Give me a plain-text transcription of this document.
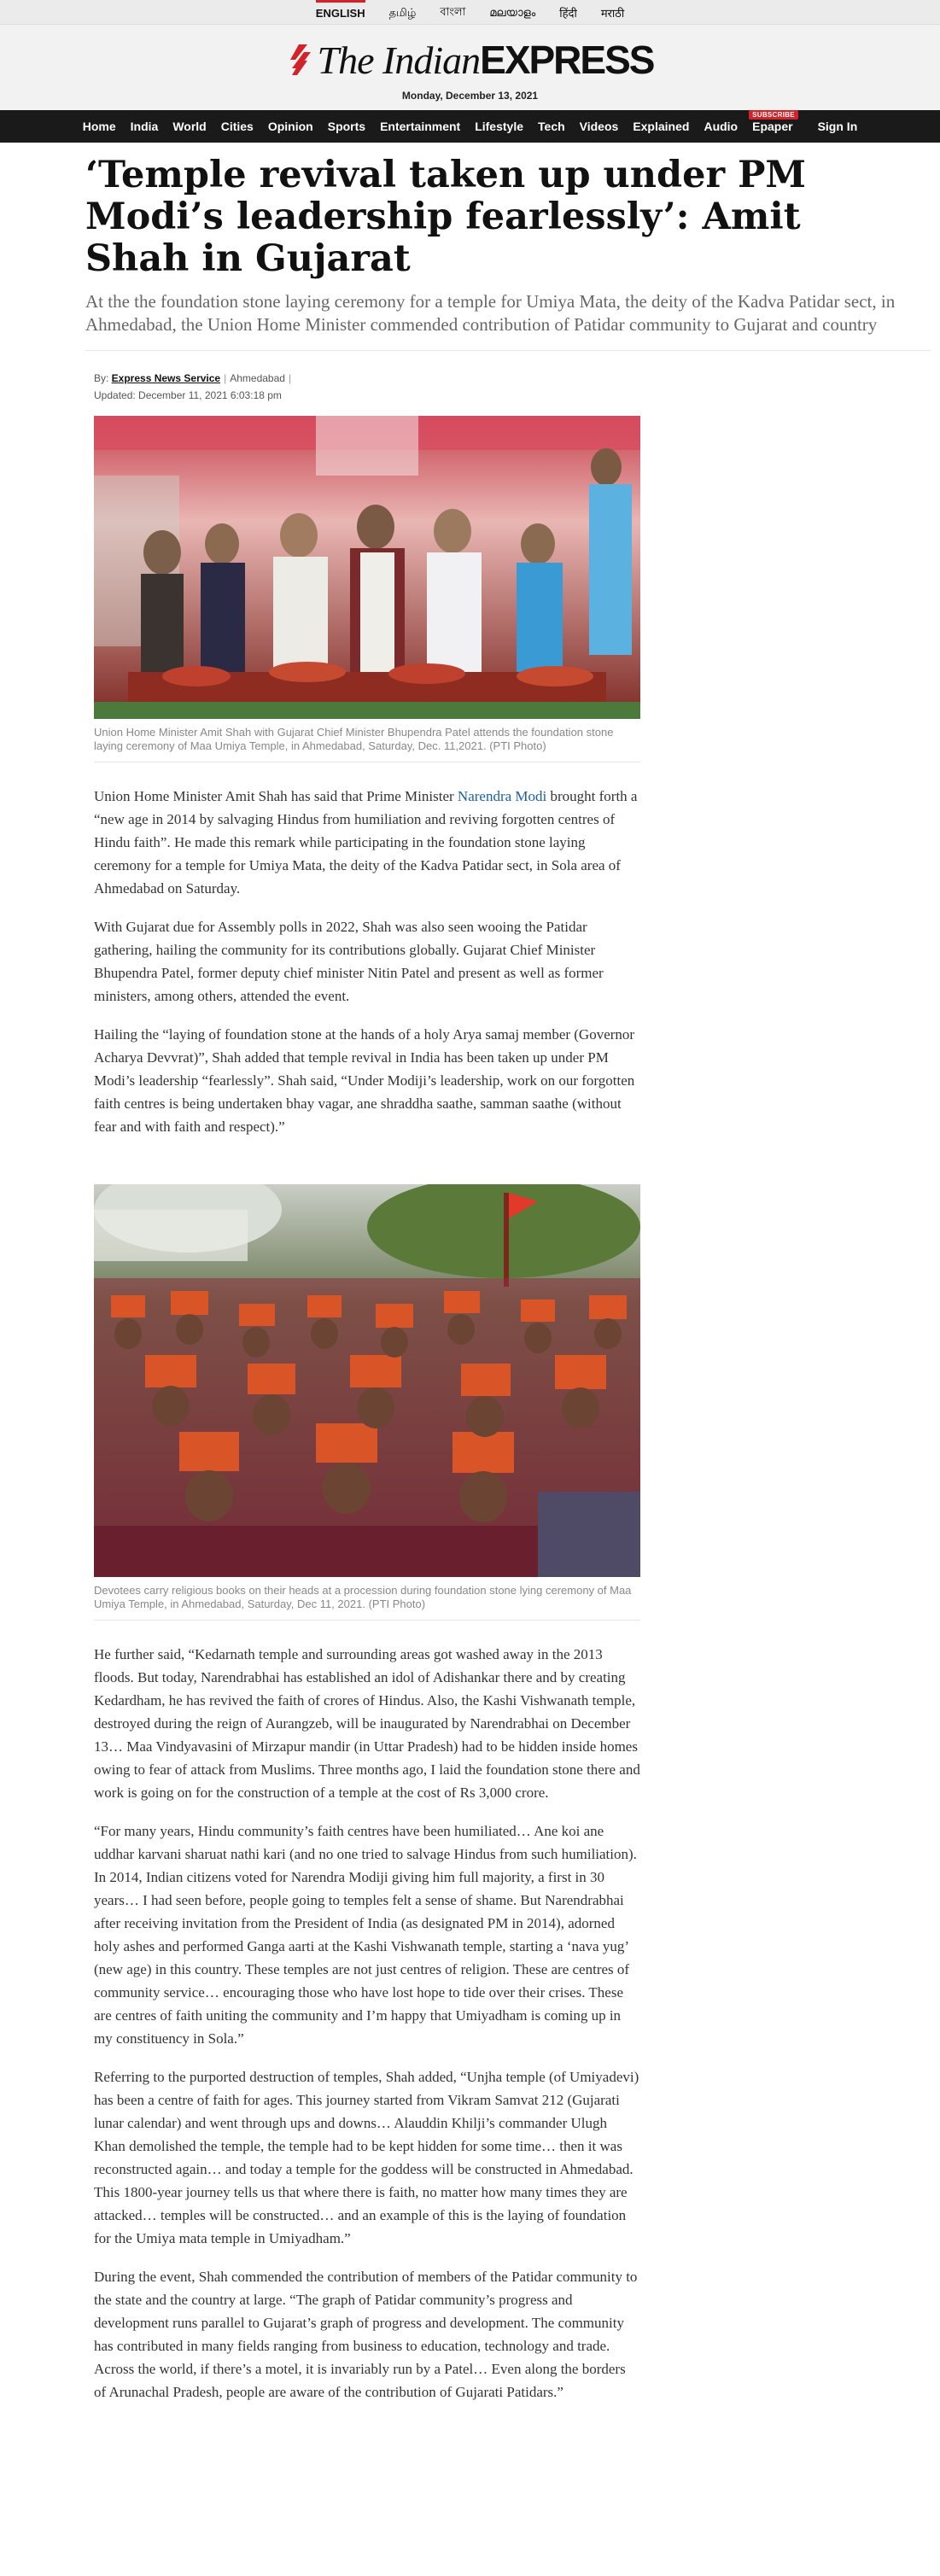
ENGLISH தமிழ் বাংলা മലയാളം हिंदी मराठी
The IndianEXPRESS
Monday, December 13, 2021
Home India World Cities Opinion Sports Entertainment Lifestyle Tech Videos Explained Audio
SUBSCRIBE
Epaper Sign In
‘Temple revival taken up under PM Modi’s leadership fearlessly’: Amit Shah in Gujarat
At the the foundation stone laying ceremony for a temple for Umiya Mata, the deity of the Kadva Patidar sect, in Ahmedabad, the Union Home Minister commended contribution of Patidar community to Gujarat and country
By: Express News Service | Ahmedabad |
Updated: December 11, 2021 6:03:18 pm
Union Home Minister Amit Shah with Gujarat Chief Minister Bhupendra Patel attends the foundation stone laying ceremony of Maa Umiya Temple, in Ahmedabad, Saturday, Dec. 11,2021. (PTI Photo)

Union Home Minister Amit Shah has said that Prime Minister Narendra Modi brought forth a “new age in 2014 by salvaging Hindus from humiliation and reviving forgotten centres of Hindu faith”. He made this remark while participating in the foundation stone laying ceremony for a temple for Umiya Mata, the deity of the Kadva Patidar sect, in Sola area of Ahmedabad on Saturday.

With Gujarat due for Assembly polls in 2022, Shah was also seen wooing the Patidar gathering, hailing the community for its contributions globally. Gujarat Chief Minister Bhupendra Patel, former deputy chief minister Nitin Patel and present as well as former ministers, among others, attended the event.

Hailing the “laying of foundation stone at the hands of a holy Arya samaj member (Governor Acharya Devvrat)”, Shah added that temple revival in India has been taken up under PM Modi’s leadership “fearlessly”. Shah said, “Under Modiji’s leadership, work on our forgotten faith centres is being undertaken bhay vagar, ane shraddha saathe, samman saathe (without fear and with faith and respect).”

Devotees carry religious books on their heads at a procession during foundation stone lying ceremony of Maa Umiya Temple, in Ahmedabad, Saturday, Dec 11, 2021. (PTI Photo)

He further said, “Kedarnath temple and surrounding areas got washed away in the 2013 floods. But today, Narendrabhai has established an idol of Adishankar there and by creating Kedardham, he has revived the faith of crores of Hindus. Also, the Kashi Vishwanath temple, destroyed during the reign of Aurangzeb, will be inaugurated by Narendrabhai on December 13… Maa Vindyavasini of Mirzapur mandir (in Uttar Pradesh) had to be hidden inside homes owing to fear of attack from Muslims. Three months ago, I laid the foundation stone there and work is going on for the construction of a temple at the cost of Rs 3,000 crore.

“For many years, Hindu community’s faith centres have been humiliated… Ane koi ane uddhar karvani sharuat nathi kari (and no one tried to salvage Hindus from such humiliation). In 2014, Indian citizens voted for Narendra Modiji giving him full majority, a first in 30 years… I had seen before, people going to temples felt a sense of shame. But Narendrabhai after receiving invitation from the President of India (as designated PM in 2014), adorned holy ashes and performed Ganga aarti at the Kashi Vishwanath temple, starting a ‘nava yug’ (new age) in this country. These temples are not just centres of religion. These are centres of community service… encouraging those who have lost hope to tide over their crises. These are centres of faith uniting the community and I’m happy that Umiyadham is coming up in my constituency in Sola.”

Referring to the purported destruction of temples, Shah added, “Unjha temple (of Umiyadevi) has been a centre of faith for ages. This journey started from Vikram Samvat 212 (Gujarati lunar calendar) and went through ups and downs… Alauddin Khilji’s commander Ulugh Khan demolished the temple, the temple had to be kept hidden for some time… then it was reconstructed again… and today a temple for the goddess will be constructed in Ahmedabad. This 1800-year journey tells us that where there is faith, no matter how many times they are attacked… temples will be constructed… and an example of this is the laying of foundation for the Umiya mata temple in Umiyadham.”

During the event, Shah commended the contribution of members of the Patidar community to the state and the country at large. “The graph of Patidar community’s progress and development runs parallel to Gujarat’s graph of progress and development. The community has contributed in many fields ranging from business to education, technology and trade. Across the world, if there’s a motel, it is invariably run by a Patel… Even along the borders of Arunachal Pradesh, people are aware of the contribution of Gujarati Patidars.”
